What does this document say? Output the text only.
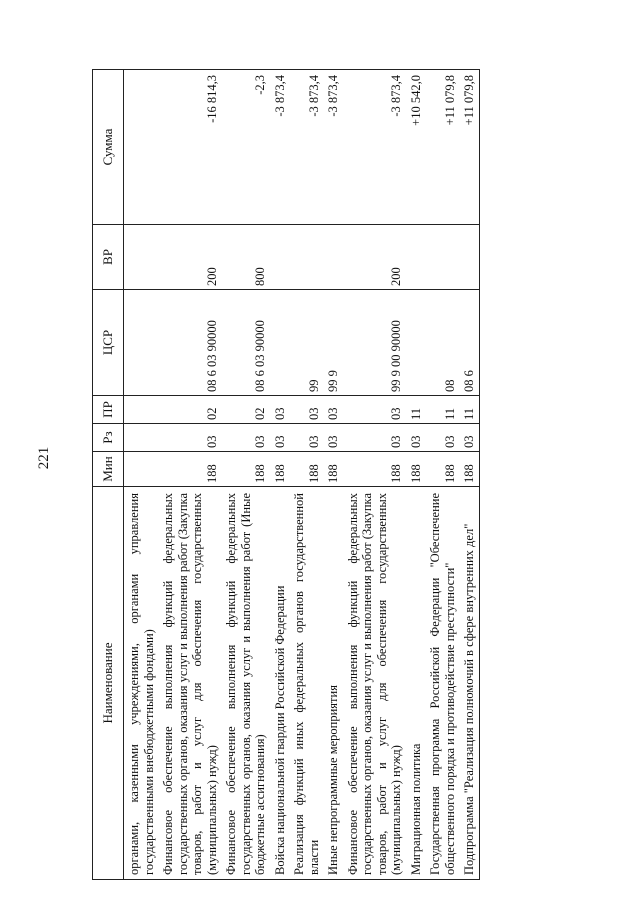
221
Наименование	Мин	Рз	ПР	ЦСР	ВР	Сумма
органами, казенными учреждениями, органами управления государственными внебюджетными фондами)						
Финансовое обеспечение выполнения функций федеральных государственных органов, оказания услуг и выполнения работ (Закупка товаров, работ и услуг для обеспечения государственных (муниципальных) нужд)	188	03	02	08 6 03 90000	200	-16 814,3
Финансовое обеспечение выполнения функций федеральных государственных органов, оказания услуг и выполнения работ (Иные бюджетные ассигнования)	188	03	02	08 6 03 90000	800	-2,3
Войска национальной гвардии Российской Федерации	188	03	03			-3 873,4
Реализация функций иных федеральных органов государственной власти	188	03	03	99		-3 873,4
Иные непрограммные мероприятия	188	03	03	99 9		-3 873,4
Финансовое обеспечение выполнения функций федеральных государственных органов, оказания услуг и выполнения работ (Закупка товаров, работ и услуг для обеспечения государственных (муниципальных) нужд)	188	03	03	99 9 00 90000	200	-3 873,4
Миграционная политика	188	03	11			+10 542,0
Государственная программа Российской Федерации "Обеспечение общественного порядка и противодействие преступности"	188	03	11	08		+11 079,8
Подпрограмма "Реализация полномочий в сфере внутренних дел"	188	03	11	08 6		+11 079,8
